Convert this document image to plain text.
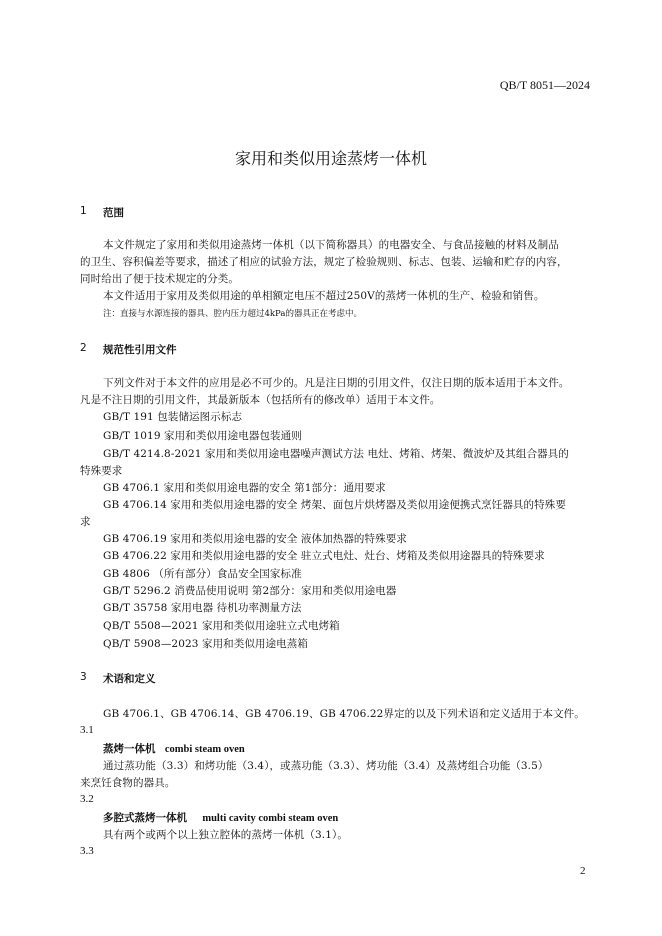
QB/T 8051—2024
家用和类似用途蒸烤一体机
1 范围
本文件规定了家用和类似用途蒸烤一体机（以下简称器具）的电器安全、与食品接触的材料及制品
的卫生、容积偏差等要求，描述了相应的试验方法，规定了检验规则、标志、包装、运输和贮存的内容，
同时给出了便于技术规定的分类。
本文件适用于家用及类似用途的单相额定电压不超过250V的蒸烤一体机的生产、检验和销售。
注：直接与水源连接的器具、腔内压力超过4kPa的器具正在考虑中。
2 规范性引用文件
下列文件对于本文件的应用是必不可少的。凡是注日期的引用文件，仅注日期的版本适用于本文件。
凡是不注日期的引用文件，其最新版本（包括所有的修改单）适用于本文件。
GB/T 191 包装储运图示标志
GB/T 1019 家用和类似用途电器包装通则
GB/T 4214.8-2021 家用和类似用途电器噪声测试方法 电灶、烤箱、烤架、微波炉及其组合器具的
特殊要求
GB 4706.1 家用和类似用途电器的安全 第1部分：通用要求
GB 4706.14 家用和类似用途电器的安全 烤架、面包片烘烤器及类似用途便携式烹饪器具的特殊要
求
GB 4706.19 家用和类似用途电器的安全 液体加热器的特殊要求
GB 4706.22 家用和类似用途电器的安全 驻立式电灶、灶台、烤箱及类似用途器具的特殊要求
GB 4806 （所有部分）食品安全国家标准
GB/T 5296.2 消费品使用说明 第2部分：家用和类似用途电器
GB/T 35758 家用电器 待机功率测量方法
QB/T 5508—2021 家用和类似用途驻立式电烤箱
QB/T 5908—2023 家用和类似用途电蒸箱
3 术语和定义
GB 4706.1、GB 4706.14、GB 4706.19、GB 4706.22界定的以及下列术语和定义适用于本文件。
3.1
蒸烤一体机 combi steam oven
通过蒸功能（3.3）和烤功能（3.4），或蒸功能（3.3）、烤功能（3.4）及蒸烤组合功能（3.5）
来烹饪食物的器具。
3.2
多腔式蒸烤一体机 multi cavity combi steam oven
具有两个或两个以上独立腔体的蒸烤一体机（3.1）。
3.3
2
